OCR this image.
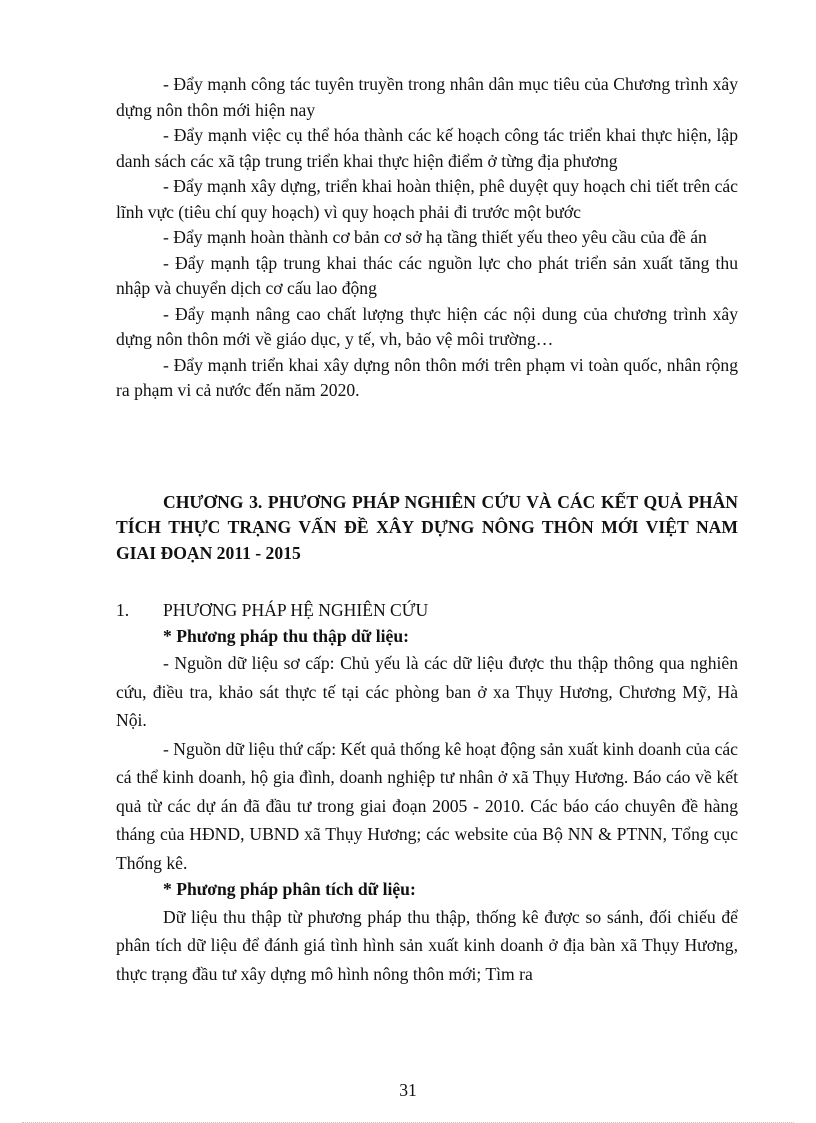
- Đẩy mạnh công tác tuyên truyền trong nhân dân mục tiêu của Chương trình xây dựng nôn thôn mới hiện nay

- Đẩy mạnh việc cụ thể hóa thành các kế hoạch công tác triển khai thực hiện, lập danh sách các xã tập trung triển khai thực hiện điểm ở từng địa phương

- Đẩy mạnh xây dựng, triển khai hoàn thiện, phê duyệt quy hoạch chi tiết trên các lĩnh vực (tiêu chí quy hoạch) vì quy hoạch phải đi trước một bước

- Đẩy mạnh hoàn thành cơ bản cơ sở hạ tầng thiết yếu theo yêu cầu của đề án

- Đẩy mạnh tập trung khai thác các nguồn lực cho phát triển sản xuất tăng thu nhập và chuyển dịch cơ cấu lao động

- Đẩy mạnh nâng cao chất lượng thực hiện các nội dung của chương trình xây dựng nôn thôn mới về giáo dục, y tế, vh, bảo vệ môi trường…

- Đẩy mạnh triển khai xây dựng nôn thôn mới trên phạm vi toàn quốc, nhân rộng ra phạm vi cả nước đến năm 2020.

CHƯƠNG 3. PHƯƠNG PHÁP NGHIÊN CỨU VÀ CÁC KẾT QUẢ PHÂN TÍCH THỰC TRẠNG VẤN ĐỀ XÂY DỰNG NÔNG THÔN MỚI VIỆT NAM GIAI ĐOẠN 2011 - 2015

1.	PHƯƠNG PHÁP HỆ NGHIÊN CỨU

* Phương pháp thu thập dữ liệu:

- Nguồn dữ liệu sơ cấp: Chủ yếu là các dữ liệu được thu thập thông qua nghiên cứu, điều tra, khảo sát thực tế tại các phòng ban ở xa Thụy Hương, Chương Mỹ, Hà Nội.

- Nguồn dữ liệu thứ cấp: Kết quả thống kê hoạt động sản xuất kinh doanh của các cá thể kinh doanh, hộ gia đình, doanh nghiệp tư nhân ở xã Thụy Hương. Báo cáo về kết quả từ các dự án đã đầu tư trong giai đoạn 2005 - 2010. Các báo cáo chuyên đề hàng tháng của HĐND, UBND xã Thụy Hương; các website của Bộ NN & PTNN, Tổng cục Thống kê.

* Phương pháp phân tích dữ liệu:

Dữ liệu thu thập từ phương pháp thu thập, thống kê được so sánh, đối chiếu để phân tích dữ liệu để đánh giá tình hình sản xuất kinh doanh ở địa bàn xã Thụy Hương, thực trạng đầu tư xây dựng mô hình nông thôn mới; Tìm ra

31
